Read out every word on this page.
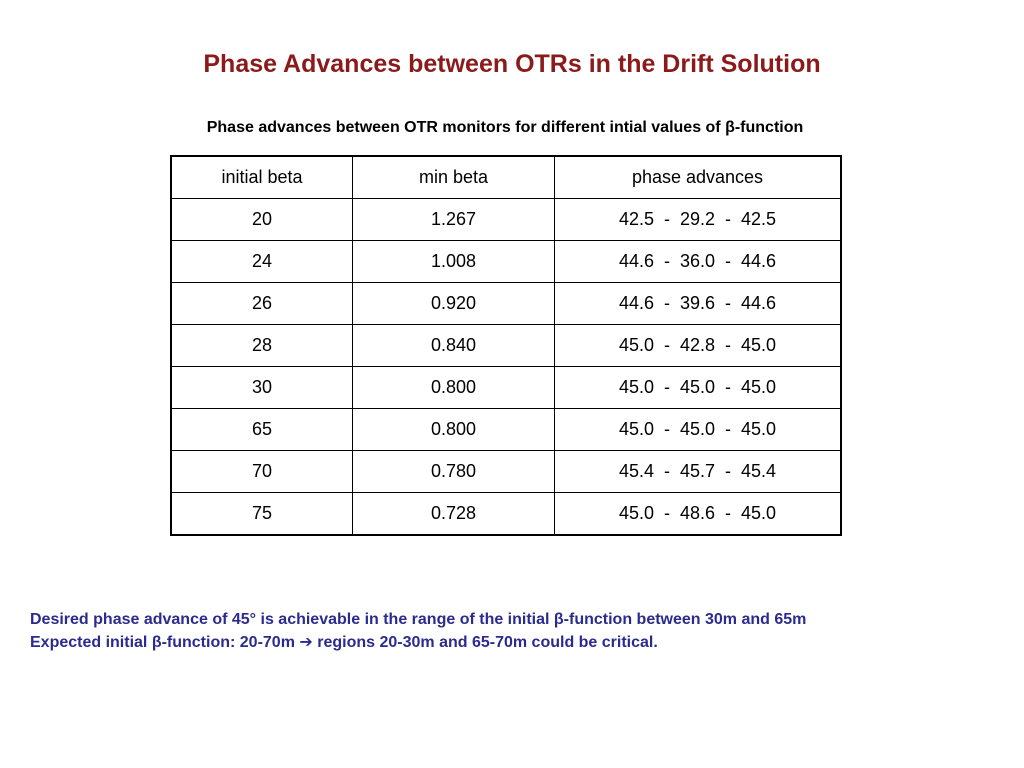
Phase Advances between OTRs in the Drift Solution
Phase advances between OTR monitors for different intial values of β-function
initial beta	min beta	phase advances
20	1.267	42.5  -  29.2  -  42.5
24	1.008	44.6  -  36.0  -  44.6
26	0.920	44.6  -  39.6  -  44.6
28	0.840	45.0  -  42.8  -  45.0
30	0.800	45.0  -  45.0  -  45.0
65	0.800	45.0  -  45.0  -  45.0
70	0.780	45.4  -  45.7  -  45.4
75	0.728	45.0  -  48.6  -  45.0
Desired phase advance of 45° is achievable in the range of the initial β-function between 30m and 65m
Expected initial β-function: 20-70m ➔ regions 20-30m and 65-70m could be critical.
